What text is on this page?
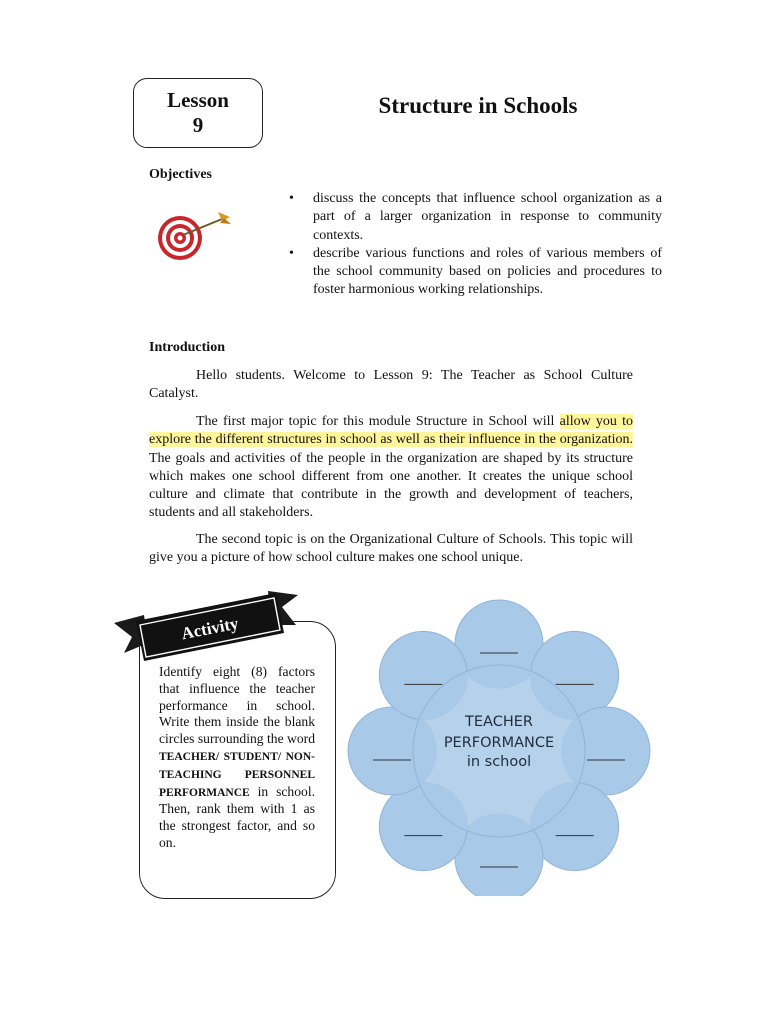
Lesson
9
Structure in Schools
Objectives
• discuss the concepts that influence school organization as a part of a larger organization in response to community contexts.
• describe various functions and roles of various members of the school community based on policies and procedures to foster harmonious working relationships.
Introduction

Hello students. Welcome to Lesson 9: The Teacher as School Culture Catalyst.

The first major topic for this module Structure in School will allow you to explore the different structures in school as well as their influence in the organization. The goals and activities of the people in the organization are shaped by its structure which makes one school different from one another. It creates the unique school culture and climate that contribute in the growth and development of teachers, students and all stakeholders.

The second topic is on the Organizational Culture of Schools. This topic will give you a picture of how school culture makes one school unique.

Activity
Identify eight (8) factors that influence the teacher performance in school. Write them inside the blank circles surrounding the word TEACHER/ STUDENT/ NON-TEACHING PERSONNEL PERFORMANCE in school. Then, rank them with 1 as the strongest factor, and so on.
TEACHER
PERFORMANCE
in school
